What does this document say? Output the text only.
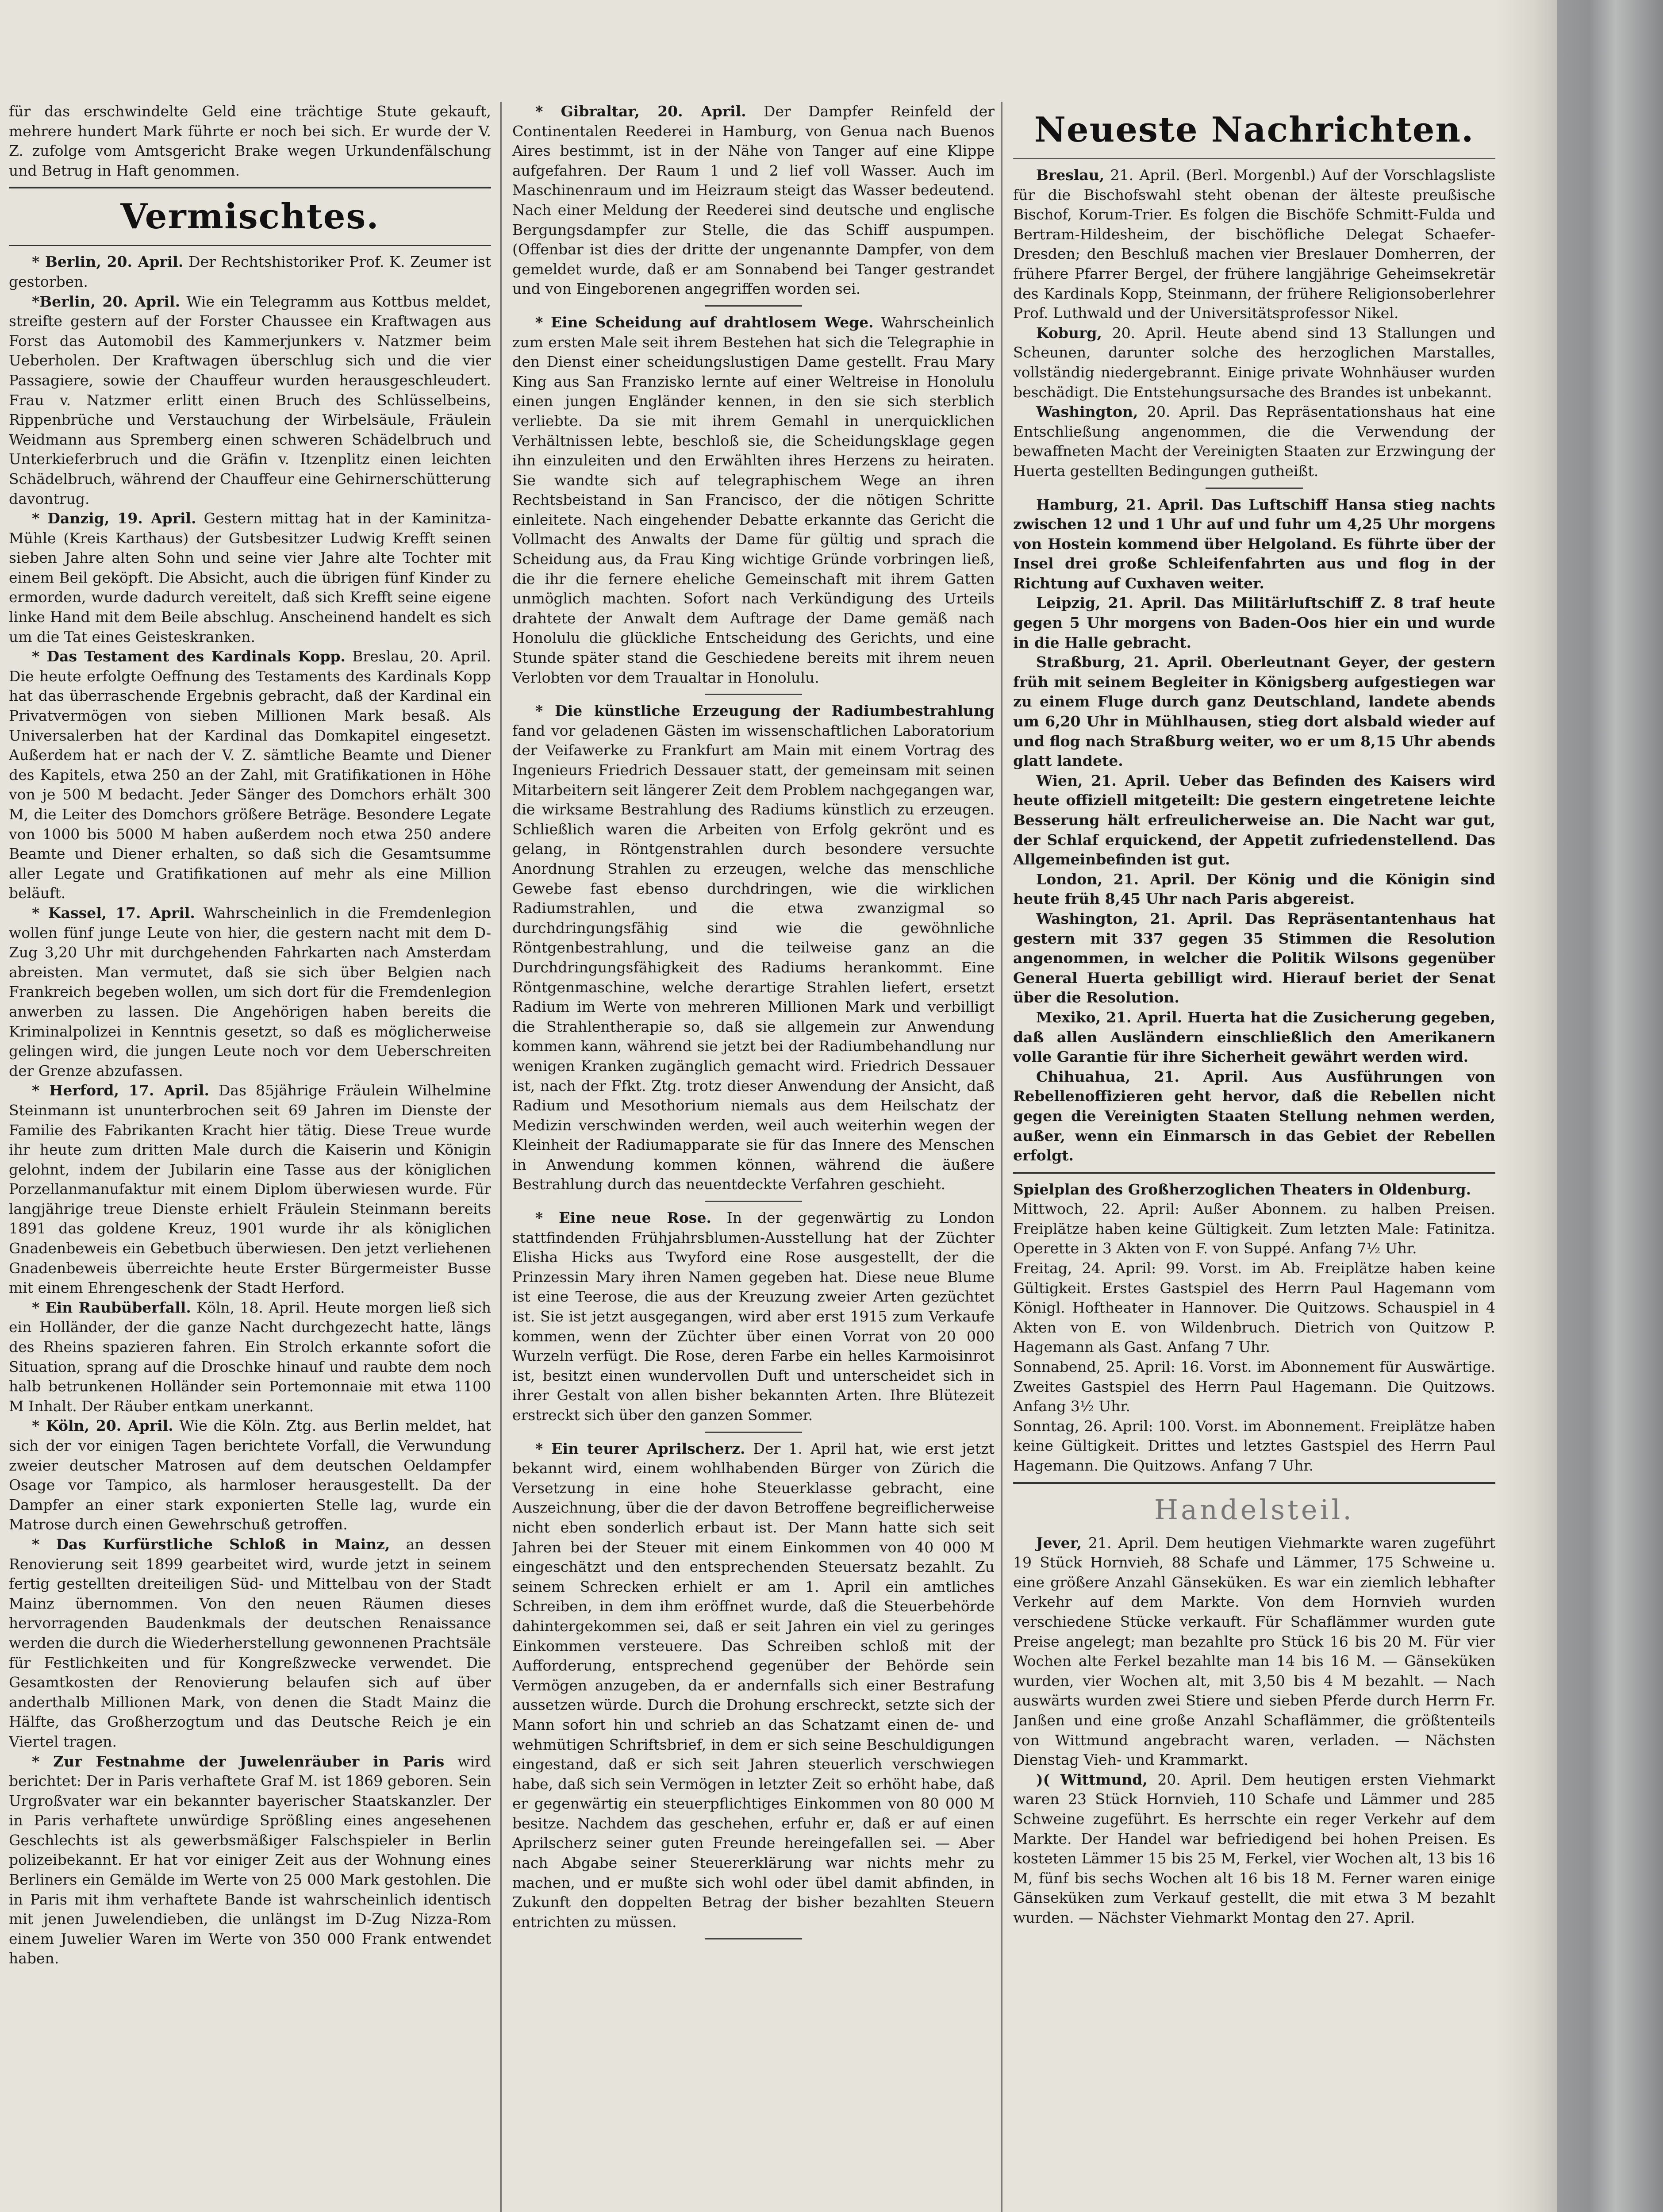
für das erschwindelte Geld eine trächtige Stute gekauft, mehrere hundert Mark führte er noch bei sich. Er wurde der V. Z. zufolge vom Amtsgericht Brake wegen Urkundenfälschung und Betrug in Haft genommen.

Vermischtes.

* Berlin, 20. April. Der Rechtshistoriker Prof. K. Zeumer ist gestorben.

*Berlin, 20. April. Wie ein Telegramm aus Kottbus meldet, streifte gestern auf der Forster Chaussee ein Kraftwagen aus Forst das Automobil des Kammerjunkers v. Natzmer beim Ueberholen. Der Kraftwagen überschlug sich und die vier Passagiere, sowie der Chauffeur wurden herausgeschleudert. Frau v. Natzmer erlitt einen Bruch des Schlüsselbeins, Rippenbrüche und Verstauchung der Wirbelsäule, Fräulein Weidmann aus Spremberg einen schweren Schädelbruch und Unterkieferbruch und die Gräfin v. Itzenplitz einen leichten Schädelbruch, während der Chauffeur eine Gehirnerschütterung davontrug.

* Danzig, 19. April. Gestern mittag hat in der Kaminitza-Mühle (Kreis Karthaus) der Gutsbesitzer Ludwig Krefft seinen sieben Jahre alten Sohn und seine vier Jahre alte Tochter mit einem Beil geköpft. Die Absicht, auch die übrigen fünf Kinder zu ermorden, wurde dadurch vereitelt, daß sich Krefft seine eigene linke Hand mit dem Beile abschlug. Anscheinend handelt es sich um die Tat eines Geisteskranken.

* Das Testament des Kardinals Kopp. Breslau, 20. April. Die heute erfolgte Oeffnung des Testaments des Kardinals Kopp hat das überraschende Ergebnis gebracht, daß der Kardinal ein Privatvermögen von sieben Millionen Mark besaß. Als Universalerben hat der Kardinal das Domkapitel eingesetzt. Außerdem hat er nach der V. Z. sämtliche Beamte und Diener des Kapitels, etwa 250 an der Zahl, mit Gratifikationen in Höhe von je 500 M bedacht. Jeder Sänger des Domchors erhält 300 M, die Leiter des Domchors größere Beträge. Besondere Legate von 1000 bis 5000 M haben außerdem noch etwa 250 andere Beamte und Diener erhalten, so daß sich die Gesamtsumme aller Legate und Gratifikationen auf mehr als eine Million beläuft.

* Kassel, 17. April. Wahrscheinlich in die Fremdenlegion wollen fünf junge Leute von hier, die gestern nacht mit dem D-Zug 3,20 Uhr mit durchgehenden Fahrkarten nach Amsterdam abreisten. Man vermutet, daß sie sich über Belgien nach Frankreich begeben wollen, um sich dort für die Fremdenlegion anwerben zu lassen. Die Angehörigen haben bereits die Kriminalpolizei in Kenntnis gesetzt, so daß es möglicherweise gelingen wird, die jungen Leute noch vor dem Ueberschreiten der Grenze abzufassen.

* Herford, 17. April. Das 85jährige Fräulein Wilhelmine Steinmann ist ununterbrochen seit 69 Jahren im Dienste der Familie des Fabrikanten Kracht hier tätig. Diese Treue wurde ihr heute zum dritten Male durch die Kaiserin und Königin gelohnt, indem der Jubilarin eine Tasse aus der königlichen Porzellanmanufaktur mit einem Diplom überwiesen wurde. Für langjährige treue Dienste erhielt Fräulein Steinmann bereits 1891 das goldene Kreuz, 1901 wurde ihr als königlichen Gnadenbeweis ein Gebetbuch überwiesen. Den jetzt verliehenen Gnadenbeweis überreichte heute Erster Bürgermeister Busse mit einem Ehrengeschenk der Stadt Herford.

* Ein Raubüberfall. Köln, 18. April. Heute morgen ließ sich ein Holländer, der die ganze Nacht durchgezecht hatte, längs des Rheins spazieren fahren. Ein Strolch erkannte sofort die Situation, sprang auf die Droschke hinauf und raubte dem noch halb betrunkenen Holländer sein Portemonnaie mit etwa 1100 M Inhalt. Der Räuber entkam unerkannt.

* Köln, 20. April. Wie die Köln. Ztg. aus Berlin meldet, hat sich der vor einigen Tagen berichtete Vorfall, die Verwundung zweier deutscher Matrosen auf dem deutschen Oeldampfer Osage vor Tampico, als harmloser herausgestellt. Da der Dampfer an einer stark exponierten Stelle lag, wurde ein Matrose durch einen Gewehrschuß getroffen.

* Das Kurfürstliche Schloß in Mainz, an dessen Renovierung seit 1899 gearbeitet wird, wurde jetzt in seinem fertig gestellten dreiteiligen Süd- und Mittelbau von der Stadt Mainz übernommen. Von den neuen Räumen dieses hervorragenden Baudenkmals der deutschen Renaissance werden die durch die Wiederherstellung gewonnenen Prachtsäle für Festlichkeiten und für Kongreßzwecke verwendet. Die Gesamtkosten der Renovierung belaufen sich auf über anderthalb Millionen Mark, von denen die Stadt Mainz die Hälfte, das Großherzogtum und das Deutsche Reich je ein Viertel tragen.

* Zur Festnahme der Juwelenräuber in Paris wird berichtet: Der in Paris verhaftete Graf M. ist 1869 geboren. Sein Urgroßvater war ein bekannter bayerischer Staatskanzler. Der in Paris verhaftete unwürdige Sprößling eines angesehenen Geschlechts ist als gewerbsmäßiger Falschspieler in Berlin polizeibekannt. Er hat vor einiger Zeit aus der Wohnung eines Berliners ein Gemälde im Werte von 25 000 Mark gestohlen. Die in Paris mit ihm verhaftete Bande ist wahrscheinlich identisch mit jenen Juwelendieben, die unlängst im D-Zug Nizza-Rom einem Juwelier Waren im Werte von 350 000 Frank entwendet haben.

* Gibraltar, 20. April. Der Dampfer Reinfeld der Continentalen Reederei in Hamburg, von Genua nach Buenos Aires bestimmt, ist in der Nähe von Tanger auf eine Klippe aufgefahren. Der Raum 1 und 2 lief voll Wasser. Auch im Maschinenraum und im Heizraum steigt das Wasser bedeutend. Nach einer Meldung der Reederei sind deutsche und englische Bergungsdampfer zur Stelle, die das Schiff auspumpen. (Offenbar ist dies der dritte der ungenannte Dampfer, von dem gemeldet wurde, daß er am Sonnabend bei Tanger gestrandet und von Eingeborenen angegriffen worden sei.

* Eine Scheidung auf drahtlosem Wege. Wahrscheinlich zum ersten Male seit ihrem Bestehen hat sich die Telegraphie in den Dienst einer scheidungslustigen Dame gestellt. Frau Mary King aus San Franzisko lernte auf einer Weltreise in Honolulu einen jungen Engländer kennen, in den sie sich sterblich verliebte. Da sie mit ihrem Gemahl in unerquicklichen Verhältnissen lebte, beschloß sie, die Scheidungsklage gegen ihn einzuleiten und den Erwählten ihres Herzens zu heiraten. Sie wandte sich auf telegraphischem Wege an ihren Rechtsbeistand in San Francisco, der die nötigen Schritte einleitete. Nach eingehender Debatte erkannte das Gericht die Vollmacht des Anwalts der Dame für gültig und sprach die Scheidung aus, da Frau King wichtige Gründe vorbringen ließ, die ihr die fernere eheliche Gemeinschaft mit ihrem Gatten unmöglich machten. Sofort nach Verkündigung des Urteils drahtete der Anwalt dem Auftrage der Dame gemäß nach Honolulu die glückliche Entscheidung des Gerichts, und eine Stunde später stand die Geschiedene bereits mit ihrem neuen Verlobten vor dem Traualtar in Honolulu.

* Die künstliche Erzeugung der Radiumbestrahlung fand vor geladenen Gästen im wissenschaftlichen Laboratorium der Veifawerke zu Frankfurt am Main mit einem Vortrag des Ingenieurs Friedrich Dessauer statt, der gemeinsam mit seinen Mitarbeitern seit längerer Zeit dem Problem nachgegangen war, die wirksame Bestrahlung des Radiums künstlich zu erzeugen. Schließlich waren die Arbeiten von Erfolg gekrönt und es gelang, in Röntgenstrahlen durch besondere versuchte Anordnung Strahlen zu erzeugen, welche das menschliche Gewebe fast ebenso durchdringen, wie die wirklichen Radiumstrahlen, und die etwa zwanzigmal so durchdringungsfähig sind wie die gewöhnliche Röntgenbestrahlung, und die teilweise ganz an die Durchdringungsfähigkeit des Radiums herankommt. Eine Röntgenmaschine, welche derartige Strahlen liefert, ersetzt Radium im Werte von mehreren Millionen Mark und verbilligt die Strahlentherapie so, daß sie allgemein zur Anwendung kommen kann, während sie jetzt bei der Radiumbehandlung nur wenigen Kranken zugänglich gemacht wird. Friedrich Dessauer ist, nach der Ffkt. Ztg. trotz dieser Anwendung der Ansicht, daß Radium und Mesothorium niemals aus dem Heilschatz der Medizin verschwinden werden, weil auch weiterhin wegen der Kleinheit der Radiumapparate sie für das Innere des Menschen in Anwendung kommen können, während die äußere Bestrahlung durch das neuentdeckte Verfahren geschieht.

* Eine neue Rose. In der gegenwärtig zu London stattfindenden Frühjahrsblumen-Ausstellung hat der Züchter Elisha Hicks aus Twyford eine Rose ausgestellt, der die Prinzessin Mary ihren Namen gegeben hat. Diese neue Blume ist eine Teerose, die aus der Kreuzung zweier Arten gezüchtet ist. Sie ist jetzt ausgegangen, wird aber erst 1915 zum Verkaufe kommen, wenn der Züchter über einen Vorrat von 20 000 Wurzeln verfügt. Die Rose, deren Farbe ein helles Karmoisinrot ist, besitzt einen wundervollen Duft und unterscheidet sich in ihrer Gestalt von allen bisher bekannten Arten. Ihre Blütezeit erstreckt sich über den ganzen Sommer.

* Ein teurer Aprilscherz. Der 1. April hat, wie erst jetzt bekannt wird, einem wohlhabenden Bürger von Zürich die Versetzung in eine hohe Steuerklasse gebracht, eine Auszeichnung, über die der davon Betroffene begreiflicherweise nicht eben sonderlich erbaut ist. Der Mann hatte sich seit Jahren bei der Steuer mit einem Einkommen von 40 000 M eingeschätzt und den entsprechenden Steuersatz bezahlt. Zu seinem Schrecken erhielt er am 1. April ein amtliches Schreiben, in dem ihm eröffnet wurde, daß die Steuerbehörde dahintergekommen sei, daß er seit Jahren ein viel zu geringes Einkommen versteuere. Das Schreiben schloß mit der Aufforderung, entsprechend gegenüber der Behörde sein Vermögen anzugeben, da er andernfalls sich einer Bestrafung aussetzen würde. Durch die Drohung erschreckt, setzte sich der Mann sofort hin und schrieb an das Schatzamt einen de- und wehmütigen Schriftsbrief, in dem er sich seine Beschuldigungen eingestand, daß er sich seit Jahren steuerlich verschwiegen habe, daß sich sein Vermögen in letzter Zeit so erhöht habe, daß er gegenwärtig ein steuerpflichtiges Einkommen von 80 000 M besitze. Nachdem das geschehen, erfuhr er, daß er auf einen Aprilscherz seiner guten Freunde hereingefallen sei. — Aber nach Abgabe seiner Steuererklärung war nichts mehr zu machen, und er mußte sich wohl oder übel damit abfinden, in Zukunft den doppelten Betrag der bisher bezahlten Steuern entrichten zu müssen.

Neueste Nachrichten.

Breslau, 21. April. (Berl. Morgenbl.) Auf der Vorschlagsliste für die Bischofswahl steht obenan der älteste preußische Bischof, Korum-Trier. Es folgen die Bischöfe Schmitt-Fulda und Bertram-Hildesheim, der bischöfliche Delegat Schaefer-Dresden; den Beschluß machen vier Breslauer Domherren, der frühere Pfarrer Bergel, der frühere langjährige Geheimsekretär des Kardinals Kopp, Steinmann, der frühere Religionsoberlehrer Prof. Luthwald und der Universitätsprofessor Nikel.

Koburg, 20. April. Heute abend sind 13 Stallungen und Scheunen, darunter solche des herzoglichen Marstalles, vollständig niedergebrannt. Einige private Wohnhäuser wurden beschädigt. Die Entstehungsursache des Brandes ist unbekannt.

Washington, 20. April. Das Repräsentationshaus hat eine Entschließung angenommen, die die Verwendung der bewaffneten Macht der Vereinigten Staaten zur Erzwingung der Huerta gestellten Bedingungen gutheißt.

Hamburg, 21. April. Das Luftschiff Hansa stieg nachts zwischen 12 und 1 Uhr auf und fuhr um 4,25 Uhr morgens von Hostein kommend über Helgoland. Es führte über der Insel drei große Schleifenfahrten aus und flog in der Richtung auf Cuxhaven weiter.

Leipzig, 21. April. Das Militärluftschiff Z. 8 traf heute gegen 5 Uhr morgens von Baden-Oos hier ein und wurde in die Halle gebracht.

Straßburg, 21. April. Oberleutnant Geyer, der gestern früh mit seinem Begleiter in Königsberg aufgestiegen war zu einem Fluge durch ganz Deutschland, landete abends um 6,20 Uhr in Mühlhausen, stieg dort alsbald wieder auf und flog nach Straßburg weiter, wo er um 8,15 Uhr abends glatt landete.

Wien, 21. April. Ueber das Befinden des Kaisers wird heute offiziell mitgeteilt: Die gestern eingetretene leichte Besserung hält erfreulicherweise an. Die Nacht war gut, der Schlaf erquickend, der Appetit zufriedenstellend. Das Allgemeinbefinden ist gut.

London, 21. April. Der König und die Königin sind heute früh 8,45 Uhr nach Paris abgereist.

Washington, 21. April. Das Repräsentantenhaus hat gestern mit 337 gegen 35 Stimmen die Resolution angenommen, in welcher die Politik Wilsons gegenüber General Huerta gebilligt wird. Hierauf beriet der Senat über die Resolution.

Mexiko, 21. April. Huerta hat die Zusicherung gegeben, daß allen Ausländern einschließlich den Amerikanern volle Garantie für ihre Sicherheit gewährt werden wird.

Chihuahua, 21. April. Aus Ausführungen von Rebellenoffizieren geht hervor, daß die Rebellen nicht gegen die Vereinigten Staaten Stellung nehmen werden, außer, wenn ein Einmarsch in das Gebiet der Rebellen erfolgt.

Spielplan des Großherzoglichen Theaters in Oldenburg.

Mittwoch, 22. April: Außer Abonnem. zu halben Preisen. Freiplätze haben keine Gültigkeit. Zum letzten Male: Fatinitza. Operette in 3 Akten von F. von Suppé. Anfang 7½ Uhr.

Freitag, 24. April: 99. Vorst. im Ab. Freiplätze haben keine Gültigkeit. Erstes Gastspiel des Herrn Paul Hagemann vom Königl. Hoftheater in Hannover. Die Quitzows. Schauspiel in 4 Akten von E. von Wildenbruch. Dietrich von Quitzow P. Hagemann als Gast. Anfang 7 Uhr.

Sonnabend, 25. April: 16. Vorst. im Abonnement für Auswärtige. Zweites Gastspiel des Herrn Paul Hagemann. Die Quitzows. Anfang 3½ Uhr.

Sonntag, 26. April: 100. Vorst. im Abonnement. Freiplätze haben keine Gültigkeit. Drittes und letztes Gastspiel des Herrn Paul Hagemann. Die Quitzows. Anfang 7 Uhr.

Handelsteil.

Jever, 21. April. Dem heutigen Viehmarkte waren zugeführt 19 Stück Hornvieh, 88 Schafe und Lämmer, 175 Schweine u. eine größere Anzahl Gänseküken. Es war ein ziemlich lebhafter Verkehr auf dem Markte. Von dem Hornvieh wurden verschiedene Stücke verkauft. Für Schaflämmer wurden gute Preise angelegt; man bezahlte pro Stück 16 bis 20 M. Für vier Wochen alte Ferkel bezahlte man 14 bis 16 M. — Gänseküken wurden, vier Wochen alt, mit 3,50 bis 4 M bezahlt. — Nach auswärts wurden zwei Stiere und sieben Pferde durch Herrn Fr. Janßen und eine große Anzahl Schaflämmer, die größtenteils von Wittmund angebracht waren, verladen. — Nächsten Dienstag Vieh- und Krammarkt.

)( Wittmund, 20. April. Dem heutigen ersten Viehmarkt waren 23 Stück Hornvieh, 110 Schafe und Lämmer und 285 Schweine zugeführt. Es herrschte ein reger Verkehr auf dem Markte. Der Handel war befriedigend bei hohen Preisen. Es kosteten Lämmer 15 bis 25 M, Ferkel, vier Wochen alt, 13 bis 16 M, fünf bis sechs Wochen alt 16 bis 18 M. Ferner waren einige Gänseküken zum Verkauf gestellt, die mit etwa 3 M bezahlt wurden. — Nächster Viehmarkt Montag den 27. April.
